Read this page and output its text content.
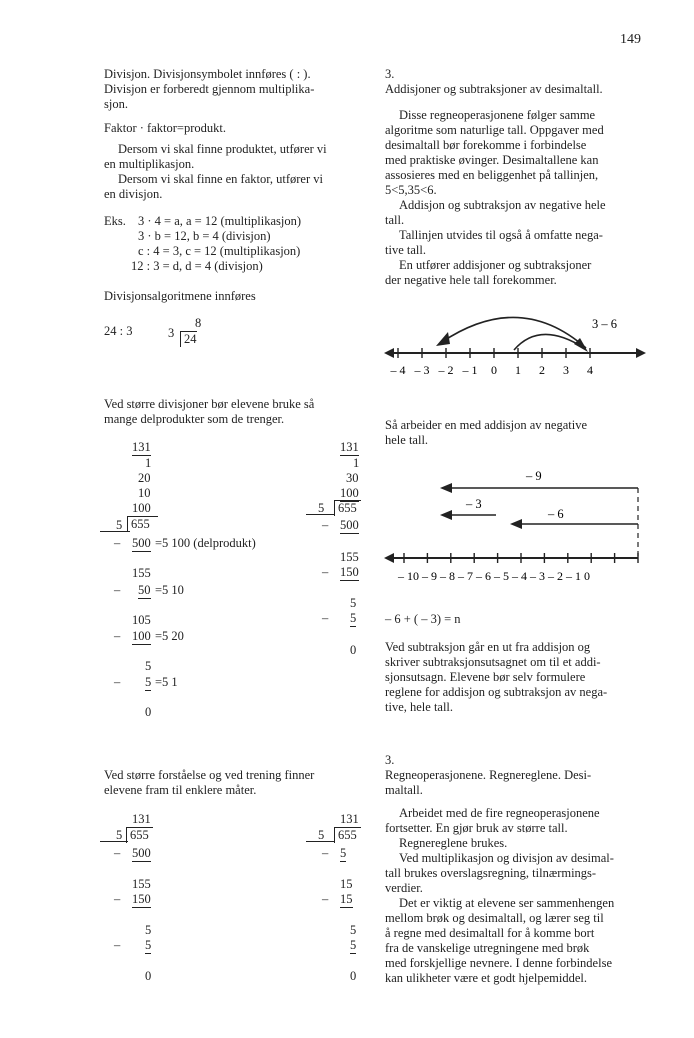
149
Divisjon. Divisjonsymbolet innføres ( : ).
Divisjon er forberedt gjennom multiplika-
sjon.
Faktor · faktor=produkt.
Dersom vi skal finne produktet, utfører vi
en multiplikasjon.
Dersom vi skal finne en faktor, utfører vi
en divisjon.
Eks. 3 · 4 = a, a = 12 (multiplikasjon)
3 · b = 12, b = 4 (divisjon)
c : 4 = 3, c = 12 (multiplikasjon)
12 : 3 = d, d = 4 (divisjon)
Divisjonsalgoritmene innføres
24 : 3	3
8
24
Ved større divisjoner bør elevene bruke så
mange delprodukter som de trenger.
131
1
20
10
100
5 655
– 500 =5 100 (delprodukt)
155
– 50 =5 10
105
– 100 =5 20
5
– 5 =5 1
0
131
1
30
100
5	655
– 500
155
– 150
5
– 5
0
Ved større forståelse og ved trening finner
elevene fram til enklere måter.
131
5 655
– 500
155
– 150
5
– 5
0
131
5	655
– 5
15
– 15
5
5
0
3.
Addisjoner og subtraksjoner av desimaltall.
Disse regneoperasjonene følger samme
algoritme som naturlige tall. Oppgaver med
desimaltall bør forekomme i forbindelse
med praktiske øvinger. Desimaltallene kan
assosieres med en beliggenhet på tallinjen,
5<5,35<6.
Addisjon og subtraksjon av negative hele
tall.
Tallinjen utvides til også å omfatte nega-
tive tall.
En utfører addisjoner og subtraksjoner
der negative hele tall forekommer.
3 – 6
– 4 – 3 – 2 – 1 0 1 2 3 4
Så arbeider en med addisjon av negative
hele tall.
– 9
– 3
– 6
– 10 – 9 – 8 – 7 – 6 – 5 – 4 – 3 – 2 – 1 0
– 6 + ( – 3) = n
Ved subtraksjon går en ut fra addisjon og
skriver subtraksjonsutsagnet om til et addi-
sjonsutsagn. Elevene bør selv formulere
reglene for addisjon og subtraksjon av nega-
tive, hele tall.
3.
Regneoperasjonene. Regnereglene. Desi-
maltall.
Arbeidet med de fire regneoperasjonene
fortsetter. En gjør bruk av større tall.
Regnereglene brukes.
Ved multiplikasjon og divisjon av desimal-
tall brukes overslagsregning, tilnærmings-
verdier.
Det er viktig at elevene ser sammenhengen
mellom brøk og desimaltall, og lærer seg til
å regne med desimaltall for å komme bort
fra de vanskelige utregningene med brøk
med forskjellige nevnere. I denne forbindelse
kan ulikheter være et godt hjelpemiddel.
